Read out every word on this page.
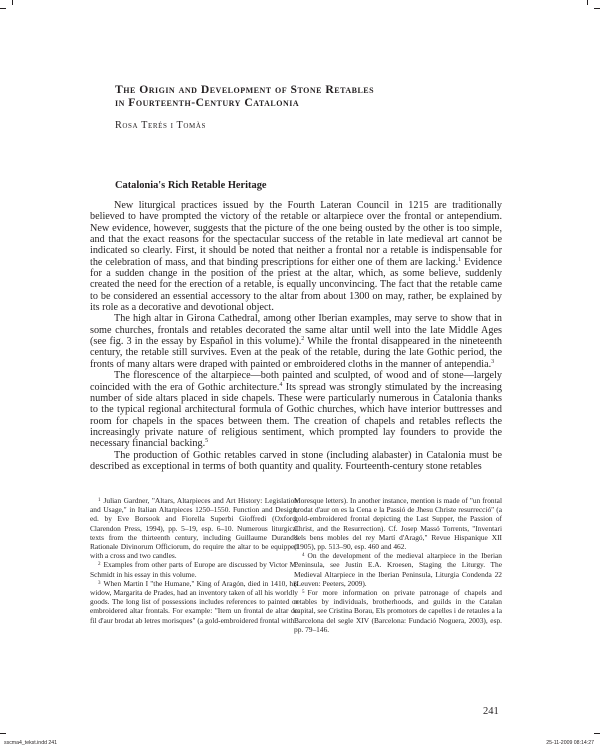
The Origin and Development of Stone Retables
in Fourteenth-Century Catalonia
Rosa Terés i Tomàs
Catalonia's Rich Retable Heritage

New liturgical practices issued by the Fourth Lateran Council in 1215 are traditionally believed to have prompted the victory of the retable or altarpiece over the frontal or antependium. New evidence, however, suggests that the picture of the one being ousted by the other is too simple, and that the exact reasons for the spectacular success of the retable in late medieval art cannot be indicated so clearly. First, it should be noted that neither a frontal nor a retable is indispensable for the celebration of mass, and that binding prescriptions for either one of them are lacking.$^1$ Evidence for a sudden change in the position of the priest at the altar, which, as some believe, suddenly created the need for the erection of a retable, is equally unconvincing. The fact that the retable came to be considered an essential accessory to the altar from about 1300 on may, rather, be explained by its role as a decorative and devotional object.

The high altar in Girona Cathedral, among other Iberian examples, may serve to show that in some churches, frontals and retables decorated the same altar until well into the late Middle Ages (see fig. 3 in the essay by Español in this volume).$^2$ While the frontal disappeared in the nineteenth century, the retable still survives. Even at the peak of the retable, during the late Gothic period, the fronts of many altars were draped with painted or embroidered cloths in the manner of antependia.$^3$

The florescence of the altarpiece—both painted and sculpted, of wood and of stone—largely coincided with the era of Gothic architecture.$^4$ Its spread was strongly stimulated by the increasing number of side altars placed in side chapels. These were particularly numerous in Catalonia thanks to the typical regional architectural formula of Gothic churches, which have interior buttresses and room for chapels in the spaces between them. The creation of chapels and retables reflects the increasingly private nature of religious sentiment, which prompted lay founders to provide the necessary financial backing.$^5$

The production of Gothic retables carved in stone (including alabaster) in Catalonia must be described as exceptional in terms of both quantity and quality. Fourteenth-century stone retables

$^1$ Julian Gardner, "Altars, Altarpieces and Art History: Legislation and Usage," in Italian Altarpieces 1250–1550. Function and Design, ed. by Eve Borsook and Fiorella Superbi Gioffredi (Oxford: Clarendon Press, 1994), pp. 5–19, esp. 6–10. Numerous liturgical texts from the thirteenth century, including Guillaume Durand's Rationale Divinorum Officiorum, do require the altar to be equipped with a cross and two candles.

$^2$ Examples from other parts of Europe are discussed by Victor M. Schmidt in his essay in this volume.

$^3$ When Martin I "the Humane," King of Aragón, died in 1410, his widow, Margarita de Prades, had an inventory taken of all his worldly goods. The long list of possessions includes references to painted or embroidered altar frontals. For example: "Item un frontal de altar de fil d'aur brodat ab letres morisques" (a gold-embroidered frontal with

Moresque letters). In another instance, mention is made of "un frontal brodat d'aur on es la Cena e la Passió de Jhesu Christe resurrecció" (a gold-embroidered frontal depicting the Last Supper, the Passion of Christ, and the Resurrection). Cf. Josep Massó Torrents, "Inventari dels bens mobles del rey Martí d'Aragó," Revue Hispanique XII (1905), pp. 513–90, esp. 460 and 462.

$^4$ On the development of the medieval altarpiece in the Iberian Peninsula, see Justin E.A. Kroesen, Staging the Liturgy. The Medieval Altarpiece in the Iberian Peninsula, Liturgia Condenda 22 (Leuven: Peeters, 2009).

$^5$ For more information on private patronage of chapels and retables by individuals, brotherhoods, and guilds in the Catalan capital, see Cristina Borau, Els promotors de capelles i de retaules a la Barcelona del segle XIV (Barcelona: Fundació Noguera, 2003), esp. pp. 79–146.

241
sscma4_tekst.indd 241	25-11-2009 08:14:27
